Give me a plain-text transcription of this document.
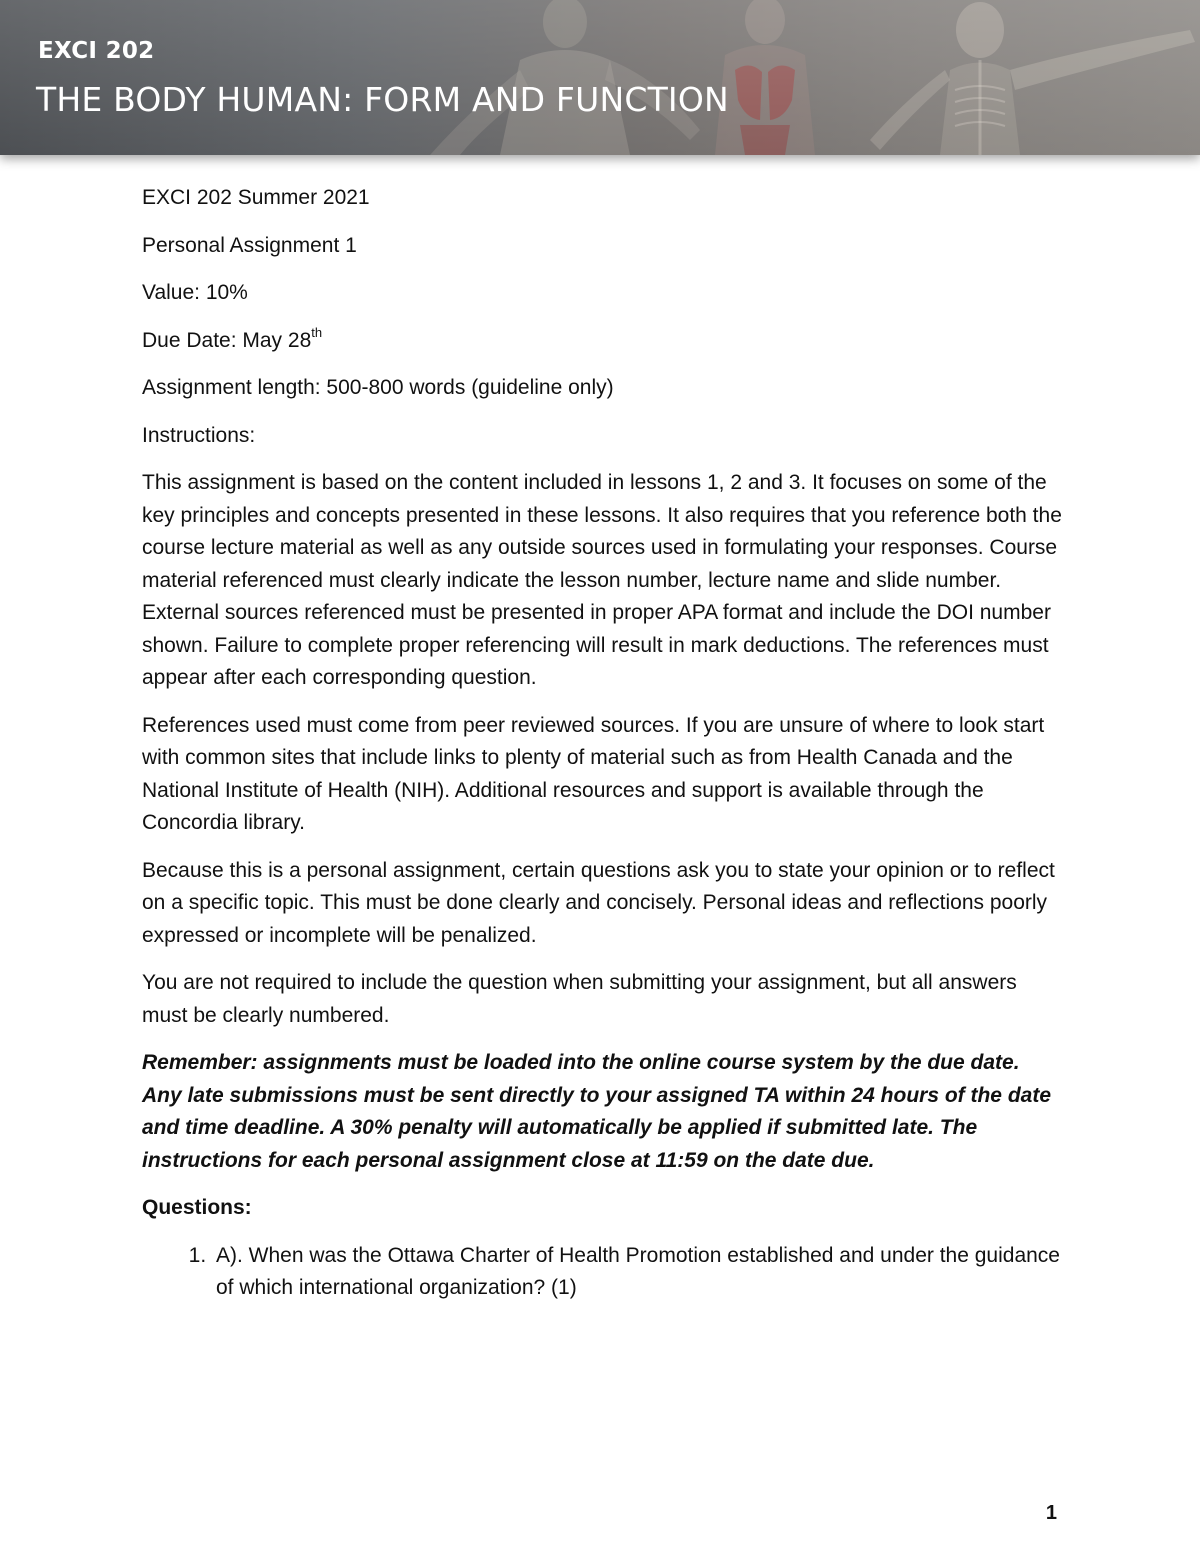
EXCI 202
THE BODY HUMAN: FORM AND FUNCTION

EXCI 202 Summer 2021

Personal Assignment 1

Value: 10%

Due Date: May 28th

Assignment length: 500-800 words (guideline only)

Instructions:

This assignment is based on the content included in lessons 1, 2 and 3. It focuses on some of the key principles and concepts presented in these lessons. It also requires that you reference both the course lecture material as well as any outside sources used in formulating your responses. Course material referenced must clearly indicate the lesson number, lecture name and slide number. External sources referenced must be presented in proper APA format and include the DOI number shown. Failure to complete proper referencing will result in mark deductions. The references must appear after each corresponding question.

References used must come from peer reviewed sources. If you are unsure of where to look start with common sites that include links to plenty of material such as from Health Canada and the National Institute of Health (NIH). Additional resources and support is available through the Concordia library.

Because this is a personal assignment, certain questions ask you to state your opinion or to reflect on a specific topic. This must be done clearly and concisely. Personal ideas and reflections poorly expressed or incomplete will be penalized.

You are not required to include the question when submitting your assignment, but all answers must be clearly numbered.

Remember: assignments must be loaded into the online course system by the due date. Any late submissions must be sent directly to your assigned TA within 24 hours of the date and time deadline. A 30% penalty will automatically be applied if submitted late. The instructions for each personal assignment close at 11:59 on the date due.

Questions:

1. A). When was the Ottawa Charter of Health Promotion established and under the guidance of which international organization? (1)
1
